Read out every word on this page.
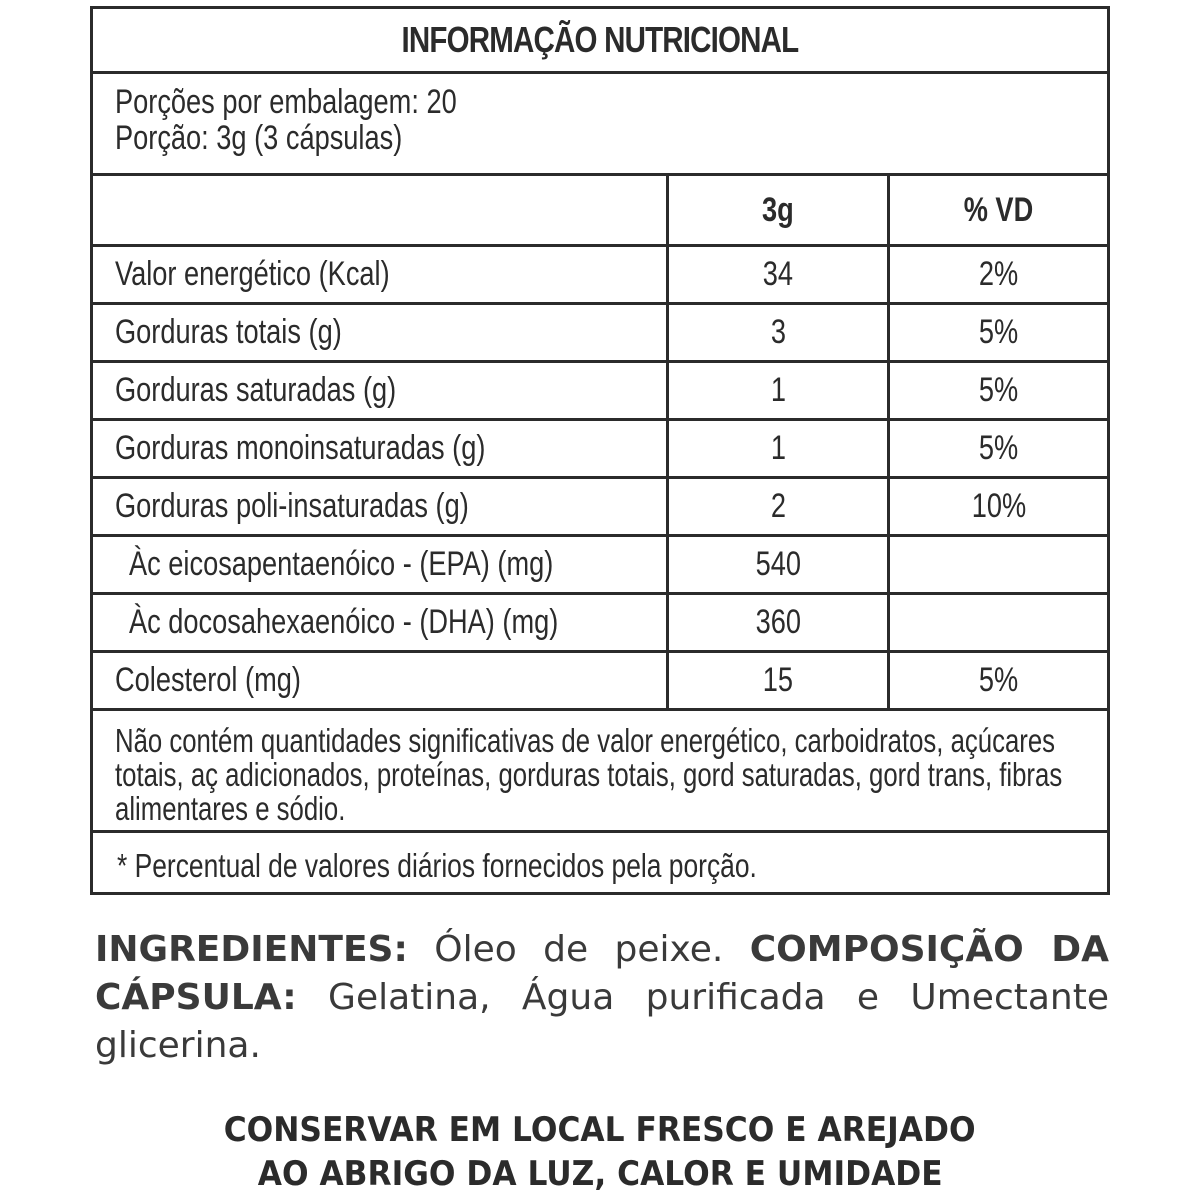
INFORMAÇÃO NUTRICIONAL
Porções por embalagem: 20
Porção: 3g (3 cápsulas)
	3g	% VD
Valor energético (Kcal)	34	2%
Gorduras totais (g)	3	5%
Gorduras saturadas (g)	1	5%
Gorduras monoinsaturadas (g)	1	5%
Gorduras poli-insaturadas (g)	2	10%
Àc eicosapentaenóico - (EPA) (mg)	540	
Àc docosahexaenóico - (DHA) (mg)	360	
Colesterol (mg)	15	5%
Não contém quantidades significativas de valor energético, carboidratos, açúcares totais, aç adicionados, proteínas, gorduras totais, gord saturadas, gord trans, fibras alimentares e sódio.
* Percentual de valores diários fornecidos pela porção.
INGREDIENTES: Óleo de peixe. COMPOSIÇÃO DA CÁPSULA: Gelatina, Água purificada e Umectante glicerina.
CONSERVAR EM LOCAL FRESCO E AREJADO
AO ABRIGO DA LUZ, CALOR E UMIDADE
